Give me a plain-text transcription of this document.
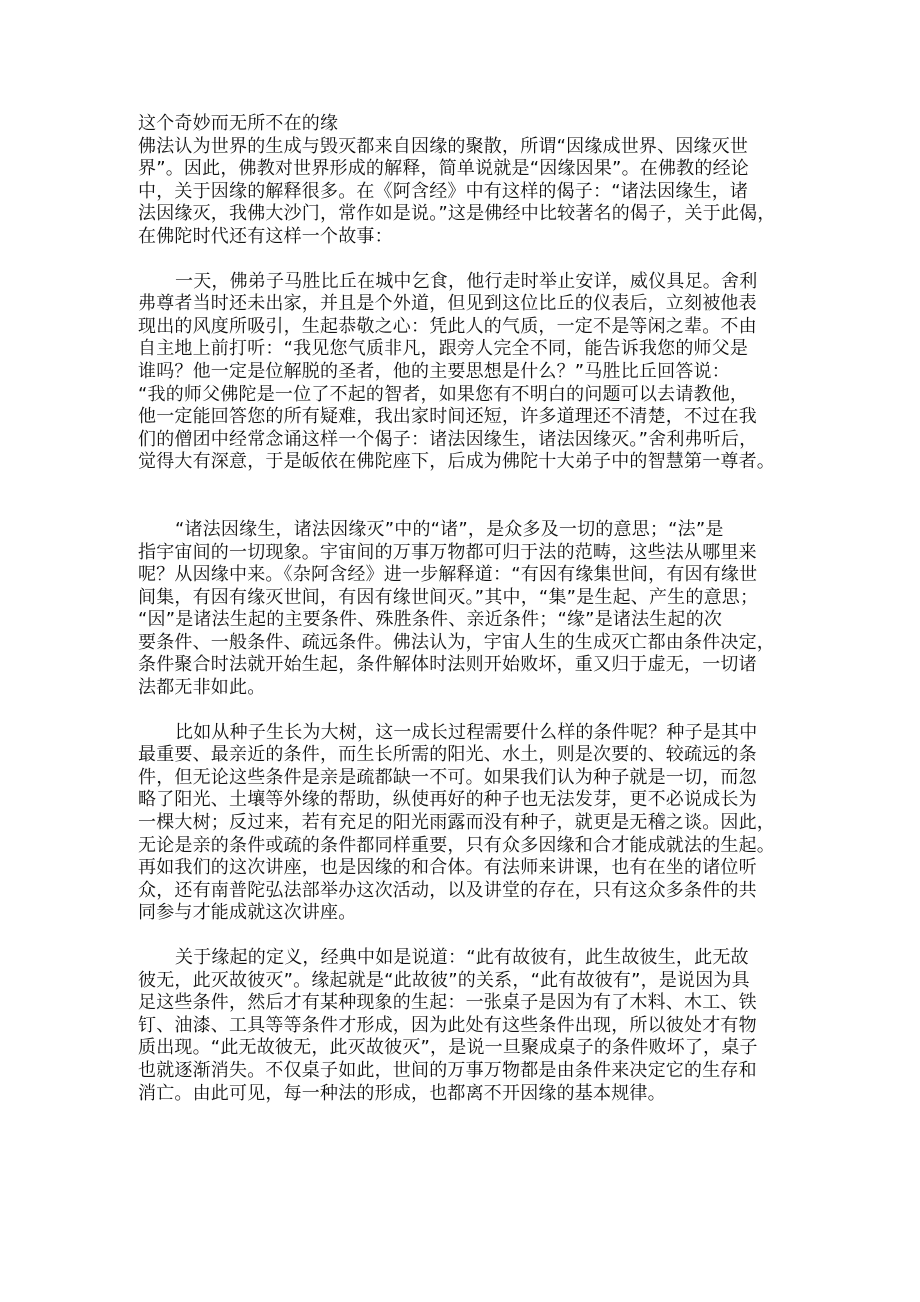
这个奇妙而无所不在的缘
佛法认为世界的生成与毁灭都来自因缘的聚散，所谓“因缘成世界、因缘灭世
界”。因此，佛教对世界形成的解释，简单说就是“因缘因果”。在佛教的经论
中，关于因缘的解释很多。在《阿含经》中有这样的偈子：“诸法因缘生，诸
法因缘灭，我佛大沙门，常作如是说。”这是佛经中比较著名的偈子，关于此偈，
在佛陀时代还有这样一个故事：
一天，佛弟子马胜比丘在城中乞食，他行走时举止安详，威仪具足。舍利
弗尊者当时还未出家，并且是个外道，但见到这位比丘的仪表后，立刻被他表
现出的风度所吸引，生起恭敬之心：凭此人的气质，一定不是等闲之辈。不由
自主地上前打听：“我见您气质非凡，跟旁人完全不同，能告诉我您的师父是
谁吗？他一定是位解脱的圣者，他的主要思想是什么？”马胜比丘回答说：
“我的师父佛陀是一位了不起的智者，如果您有不明白的问题可以去请教他，
他一定能回答您的所有疑难，我出家时间还短，许多道理还不清楚，不过在我
们的僧团中经常念诵这样一个偈子：诸法因缘生，诸法因缘灭。”舍利弗听后，
觉得大有深意，于是皈依在佛陀座下，后成为佛陀十大弟子中的智慧第一尊者。
“诸法因缘生，诸法因缘灭”中的“诸”，是众多及一切的意思；“法”是
指宇宙间的一切现象。宇宙间的万事万物都可归于法的范畴，这些法从哪里来
呢？从因缘中来。《杂阿含经》进一步解释道：“有因有缘集世间，有因有缘世
间集，有因有缘灭世间，有因有缘世间灭。”其中，“集”是生起、产生的意思；
“因”是诸法生起的主要条件、殊胜条件、亲近条件；“缘”是诸法生起的次
要条件、一般条件、疏远条件。佛法认为，宇宙人生的生成灭亡都由条件决定，
条件聚合时法就开始生起，条件解体时法则开始败坏，重又归于虚无，一切诸
法都无非如此。
比如从种子生长为大树，这一成长过程需要什么样的条件呢？种子是其中
最重要、最亲近的条件，而生长所需的阳光、水土，则是次要的、较疏远的条
件，但无论这些条件是亲是疏都缺一不可。如果我们认为种子就是一切，而忽
略了阳光、土壤等外缘的帮助，纵使再好的种子也无法发芽，更不必说成长为
一棵大树；反过来，若有充足的阳光雨露而没有种子，就更是无稽之谈。因此，
无论是亲的条件或疏的条件都同样重要，只有众多因缘和合才能成就法的生起。
再如我们的这次讲座，也是因缘的和合体。有法师来讲课，也有在坐的诸位听
众，还有南普陀弘法部举办这次活动，以及讲堂的存在，只有这众多条件的共
同参与才能成就这次讲座。
关于缘起的定义，经典中如是说道：“此有故彼有，此生故彼生，此无故
彼无，此灭故彼灭”。缘起就是“此故彼”的关系，“此有故彼有”，是说因为具
足这些条件，然后才有某种现象的生起：一张桌子是因为有了木料、木工、铁
钉、油漆、工具等等条件才形成，因为此处有这些条件出现，所以彼处才有物
质出现。“此无故彼无，此灭故彼灭”，是说一旦聚成桌子的条件败坏了，桌子
也就逐渐消失。不仅桌子如此，世间的万事万物都是由条件来决定它的生存和
消亡。由此可见，每一种法的形成，也都离不开因缘的基本规律。
